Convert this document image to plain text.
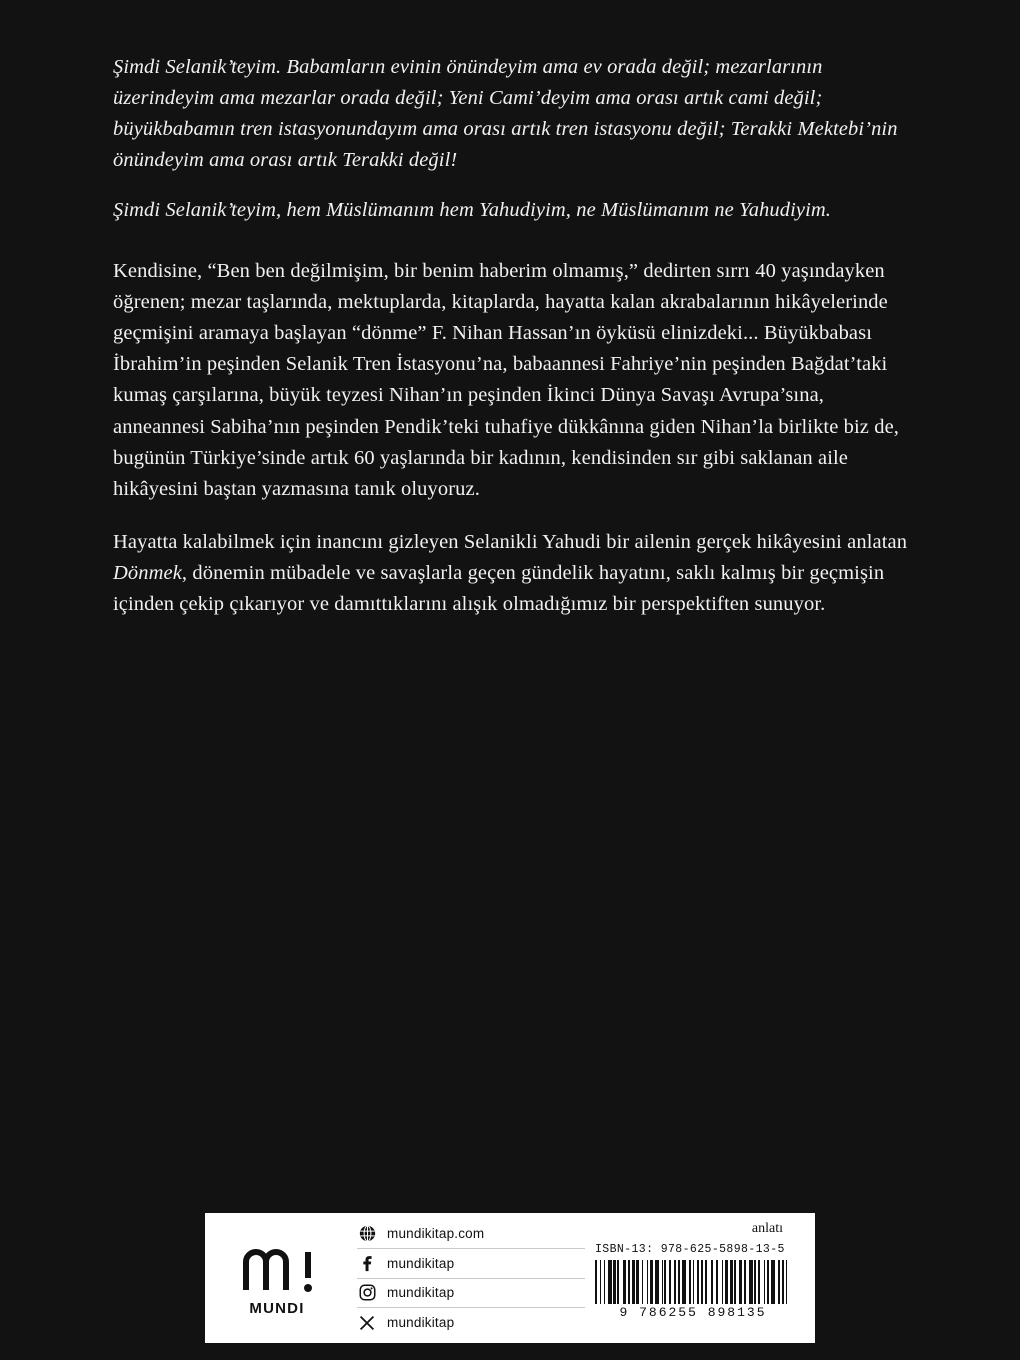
Şimdi Selanik’teyim. Babamların evinin önündeyim ama ev orada değil; mezarlarının üzerindeyim ama mezarlar orada değil; Yeni Cami’deyim ama orası artık cami değil; büyükbabamın tren istasyonundayım ama orası artık tren istasyonu değil; Terakki Mektebi’nin önündeyim ama orası artık Terakki değil!

Şimdi Selanik’teyim, hem Müslümanım hem Yahudiyim, ne Müslümanım ne Yahudiyim.

Kendisine, “Ben ben değilmişim, bir benim haberim olmamış,” dedirten sırrı 40 yaşındayken öğrenen; mezar taşlarında, mektuplarda, kitaplarda, hayatta kalan akrabalarının hikâyelerinde geçmişini aramaya başlayan “dönme” F. Nihan Hassan’ın öyküsü elinizdeki... Büyükbabası İbrahim’in peşinden Selanik Tren İstasyonu’na, babaannesi Fahriye’nin peşinden Bağdat’taki kumaş çarşılarına, büyük teyzesi Nihan’ın peşinden İkinci Dünya Savaşı Avrupa’sına, anneannesi Sabiha’nın peşinden Pendik’teki tuhafiye dükkânına giden Nihan’la birlikte biz de, bugünün Türkiye’sinde artık 60 yaşlarında bir kadının, kendisinden sır gibi saklanan aile hikâyesini baştan yazmasına tanık oluyoruz.

Hayatta kalabilmek için inancını gizleyen Selanikli Yahudi bir ailenin gerçek hikâyesini anlatan Dönmek, dönemin mübadele ve savaşlarla geçen gündelik hayatını, saklı kalmış bir geçmişin içinden çekip çıkarıyor ve damıttıklarını alışık olmadığımız bir perspektiften sunuyor.

MUNDI
mundikitap.com
mundikitap
mundikitap
mundikitap
anlatı
ISBN-13: 978-625-5898-13-5
9 786255 898135
